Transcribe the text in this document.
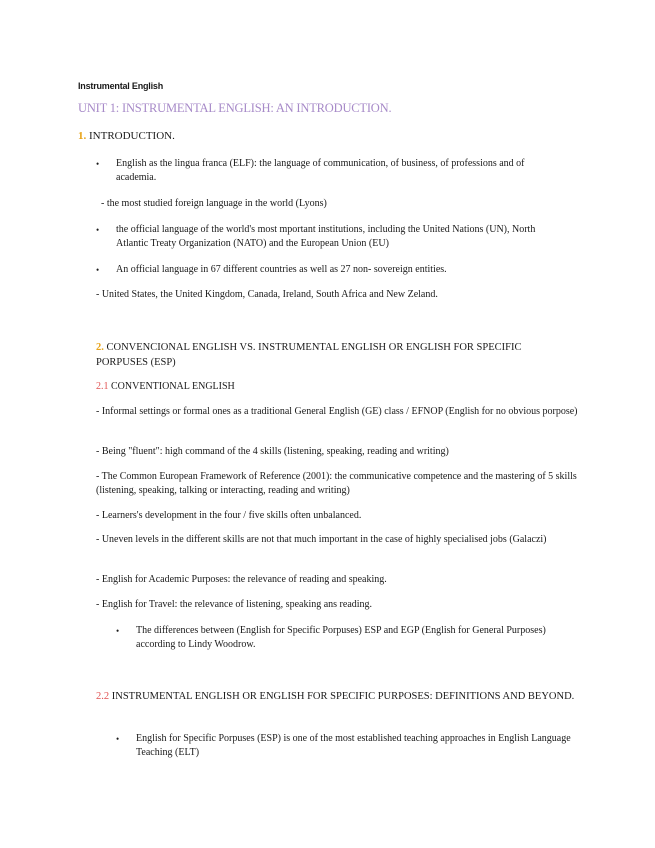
Instrumental English
UNIT 1: INSTRUMENTAL ENGLISH: AN INTRODUCTION.
1. INTRODUCTION.
• English as the lingua franca (ELF): the language of communication, of business, of professions and of academia.
- the most studied foreign language in the world (Lyons)
• the official language of the world's most mportant institutions, including the United Nations (UN), North Atlantic Treaty Organization (NATO) and the European Union (EU)
• An official language in 67 different countries as well as 27 non- sovereign entities.
- United States, the United Kingdom, Canada, Ireland, South Africa and New Zeland.
2. CONVENCIONAL ENGLISH VS. INSTRUMENTAL ENGLISH OR ENGLISH FOR SPECIFIC PORPUSES (ESP)
2.1 CONVENTIONAL ENGLISH
- Informal settings or formal ones as a traditional General English (GE) class / EFNOP (English for no obvious porpose)
- Being "fluent": high command of the 4 skills (listening, speaking, reading and writing)
- The Common European Framework of Reference (2001): the communicative competence and the mastering of 5 skills (listening, speaking, talking or interacting, reading and writing)
- Learners's development in the four / five skills often unbalanced.
- Uneven levels in the different skills are not that much important in the case of highly specialised jobs (Galaczi)
- English for Academic Purposes: the relevance of reading and speaking.
- English for Travel: the relevance of listening, speaking ans reading.
• The differences between (English for Specific Porpuses) ESP and EGP (English for General Purposes) according to Lindy Woodrow.
2.2 INSTRUMENTAL ENGLISH OR ENGLISH FOR SPECIFIC PURPOSES: DEFINITIONS AND BEYOND.
• English for Specific Porpuses (ESP) is one of the most established teaching approaches in English Language Teaching (ELT)
